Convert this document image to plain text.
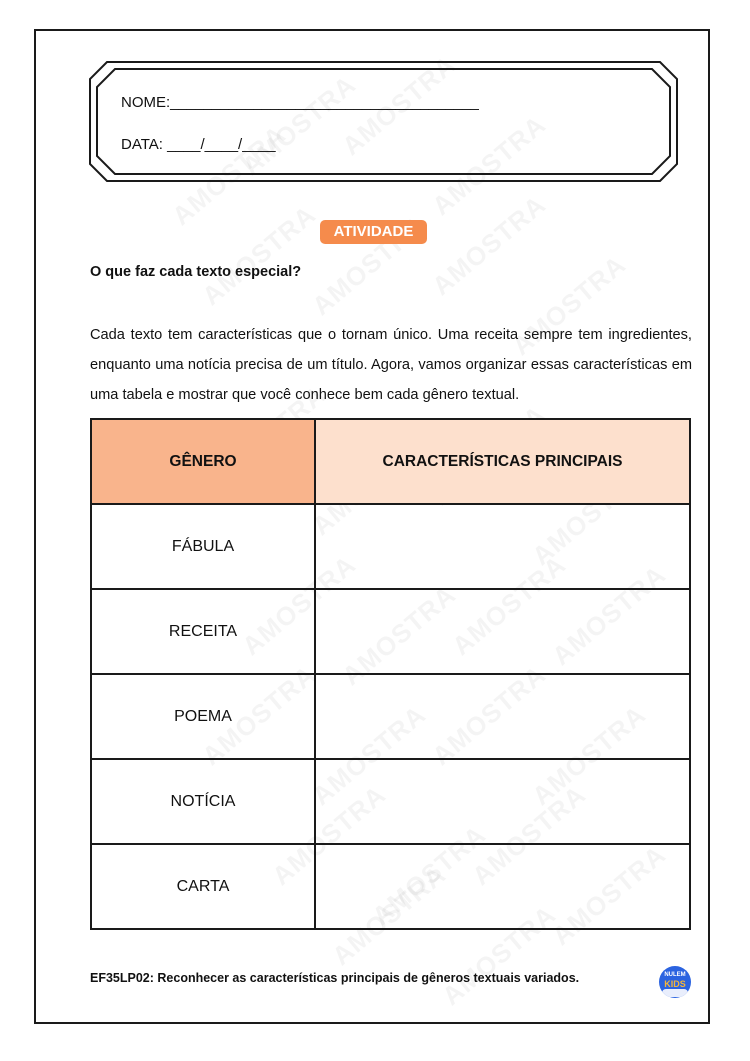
NOME:_____________________________________
DATA: ____/____/____
ATIVIDADE
O que faz cada texto especial?
Cada texto tem características que o tornam único. Uma receita sempre tem ingredientes, enquanto uma notícia precisa de um título. Agora, vamos organizar essas características em uma tabela e mostrar que você conhece bem cada gênero textual.
GÊNERO	CARACTERÍSTICAS PRINCIPAIS
FÁBULA	
RECEITA	
POEMA	
NOTÍCIA	
CARTA	
EF35LP02: Reconhecer as características principais de gêneros textuais variados.	NULEM
KIDS
